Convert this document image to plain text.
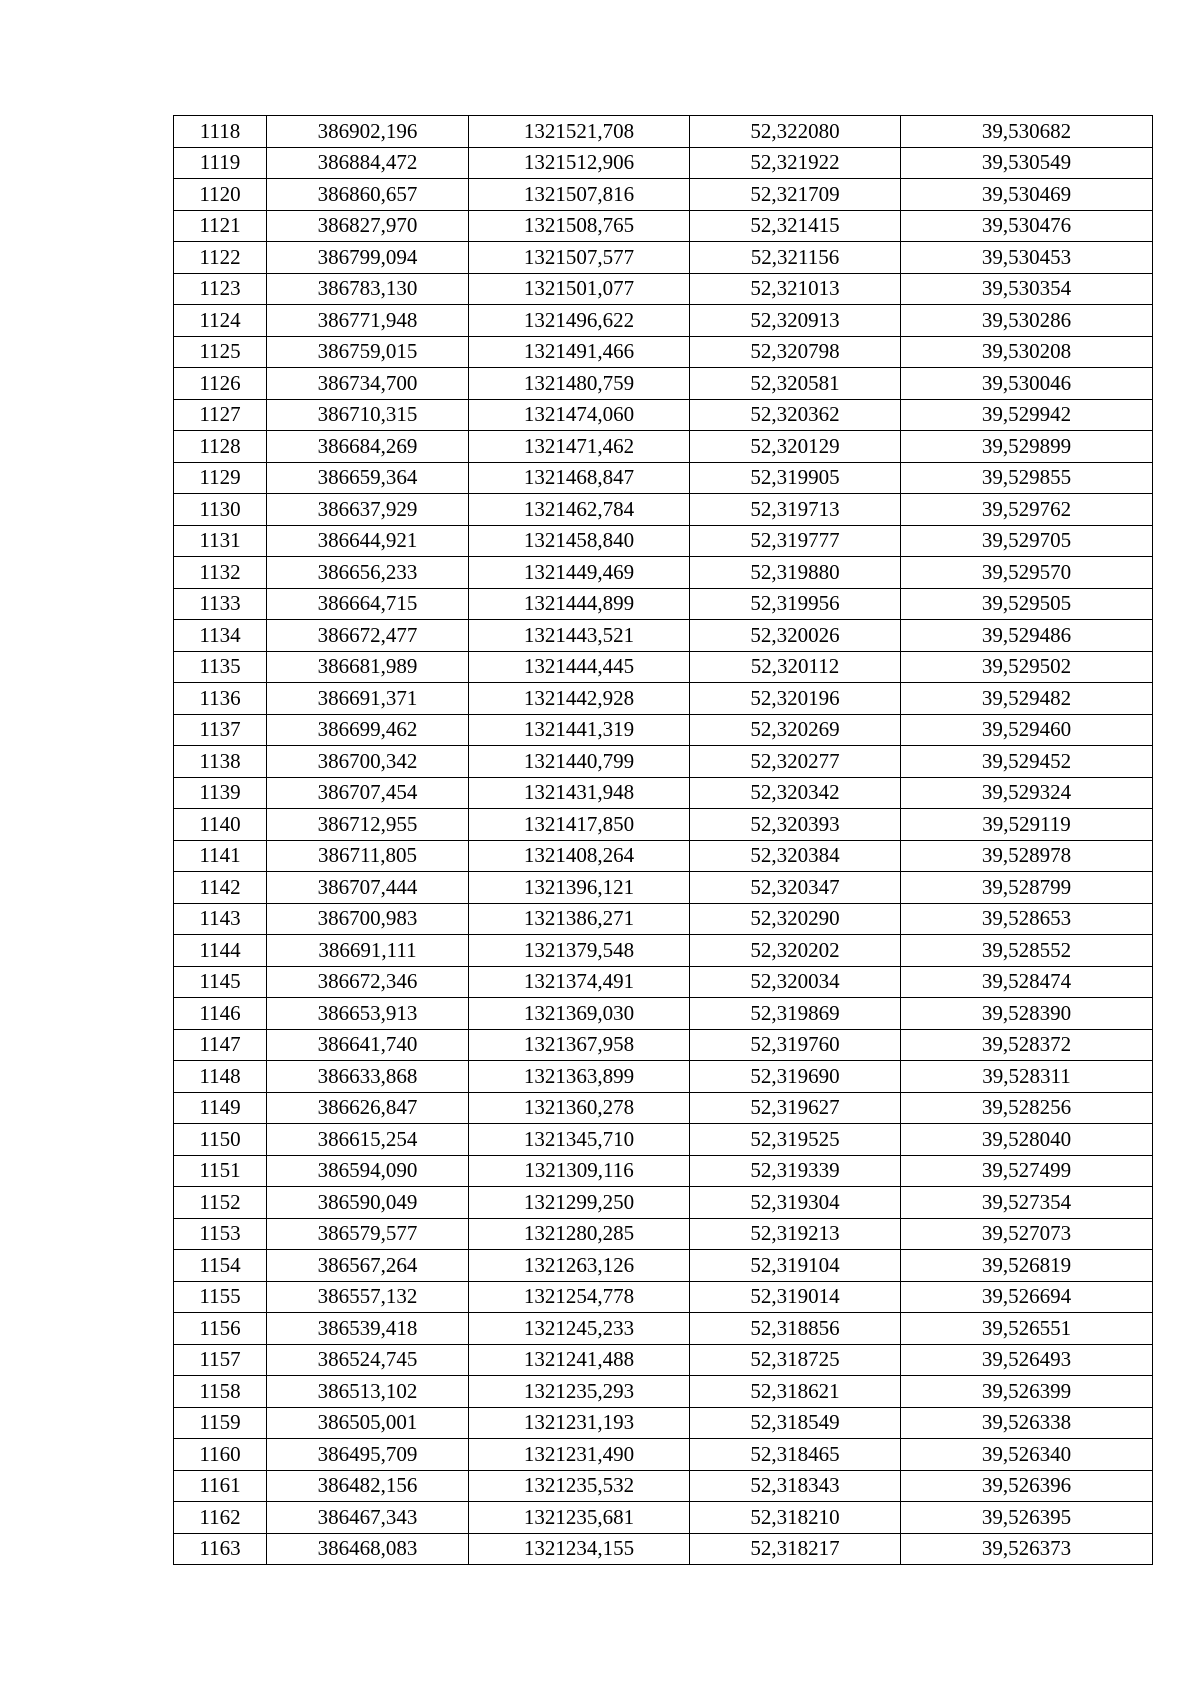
1118	386902,196	1321521,708	52,322080	39,530682
1119	386884,472	1321512,906	52,321922	39,530549
1120	386860,657	1321507,816	52,321709	39,530469
1121	386827,970	1321508,765	52,321415	39,530476
1122	386799,094	1321507,577	52,321156	39,530453
1123	386783,130	1321501,077	52,321013	39,530354
1124	386771,948	1321496,622	52,320913	39,530286
1125	386759,015	1321491,466	52,320798	39,530208
1126	386734,700	1321480,759	52,320581	39,530046
1127	386710,315	1321474,060	52,320362	39,529942
1128	386684,269	1321471,462	52,320129	39,529899
1129	386659,364	1321468,847	52,319905	39,529855
1130	386637,929	1321462,784	52,319713	39,529762
1131	386644,921	1321458,840	52,319777	39,529705
1132	386656,233	1321449,469	52,319880	39,529570
1133	386664,715	1321444,899	52,319956	39,529505
1134	386672,477	1321443,521	52,320026	39,529486
1135	386681,989	1321444,445	52,320112	39,529502
1136	386691,371	1321442,928	52,320196	39,529482
1137	386699,462	1321441,319	52,320269	39,529460
1138	386700,342	1321440,799	52,320277	39,529452
1139	386707,454	1321431,948	52,320342	39,529324
1140	386712,955	1321417,850	52,320393	39,529119
1141	386711,805	1321408,264	52,320384	39,528978
1142	386707,444	1321396,121	52,320347	39,528799
1143	386700,983	1321386,271	52,320290	39,528653
1144	386691,111	1321379,548	52,320202	39,528552
1145	386672,346	1321374,491	52,320034	39,528474
1146	386653,913	1321369,030	52,319869	39,528390
1147	386641,740	1321367,958	52,319760	39,528372
1148	386633,868	1321363,899	52,319690	39,528311
1149	386626,847	1321360,278	52,319627	39,528256
1150	386615,254	1321345,710	52,319525	39,528040
1151	386594,090	1321309,116	52,319339	39,527499
1152	386590,049	1321299,250	52,319304	39,527354
1153	386579,577	1321280,285	52,319213	39,527073
1154	386567,264	1321263,126	52,319104	39,526819
1155	386557,132	1321254,778	52,319014	39,526694
1156	386539,418	1321245,233	52,318856	39,526551
1157	386524,745	1321241,488	52,318725	39,526493
1158	386513,102	1321235,293	52,318621	39,526399
1159	386505,001	1321231,193	52,318549	39,526338
1160	386495,709	1321231,490	52,318465	39,526340
1161	386482,156	1321235,532	52,318343	39,526396
1162	386467,343	1321235,681	52,318210	39,526395
1163	386468,083	1321234,155	52,318217	39,526373
